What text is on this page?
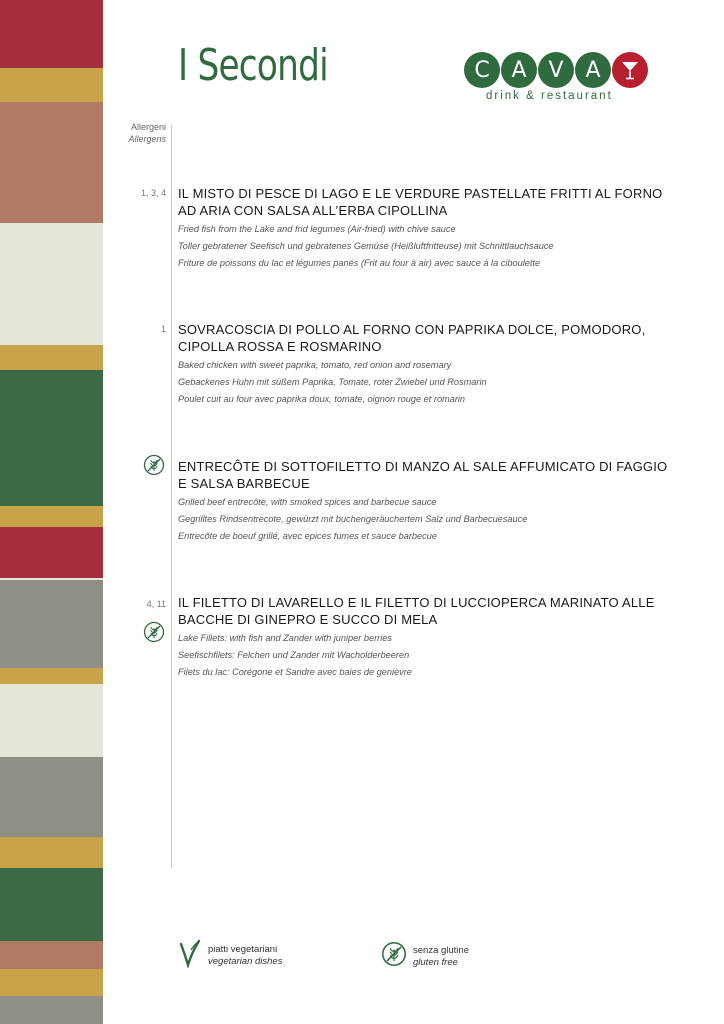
I Secondi	C A V A
drink & restaurant
Allergeni
Allergens
1, 3, 4 IL MISTO DI PESCE DI LAGO E LE VERDURE PASTELLATE FRITTI AL FORNO AD ARIA CON SALSA ALL’ERBA CIPOLLINA

Fried fish from the Lake and frid legumes (Air-fried) with chive sauce

Toller gebratener Seefisch und gebratenes Gemüse (Heißluftfritteuse) mit Schnittlauchsauce

Friture de poissons du lac et légumes panés (Frit au four à air) avec sauce à la ciboulette

1 SOVRACOSCIA DI POLLO AL FORNO CON PAPRIKA DOLCE, POMODORO, CIPOLLA ROSSA E ROSMARINO

Baked chicken with sweet paprika, tomato, red onion and rosemary

Gebackenes Huhn mit süßem Paprika, Tomate, roter Zwiebel und Rosmarin

Poulet cuit au four avec paprika doux, tomate, oignon rouge et romarin

ENTRECÔTE DI SOTTOFILETTO DI MANZO AL SALE AFFUMICATO DI FAGGIO E SALSA BARBECUE

Grilled beef entrecôte, with smoked spices and barbecue sauce

Gegrilltes Rindsentrecote, gewürzt mit buchengeräuchertem Salz und Barbecuesauce

Entrecôte de boeuf grillé, avec epices fumes et sauce barbecue

4, 11 IL FILETTO DI LAVARELLO E IL FILETTO DI LUCCIOPERCA MARINATO ALLE BACCHE DI GINEPRO E SUCCO DI MELA

Lake Fillets: with fish and Zander with juniper berries

Seefischfilets: Felchen und Zander mit Wacholderbeeren

Filets du lac: Corégone et Sandre avec baies de genièvre

piatti vegetariani
vegetarian dishes
senza glutine
gluten free
